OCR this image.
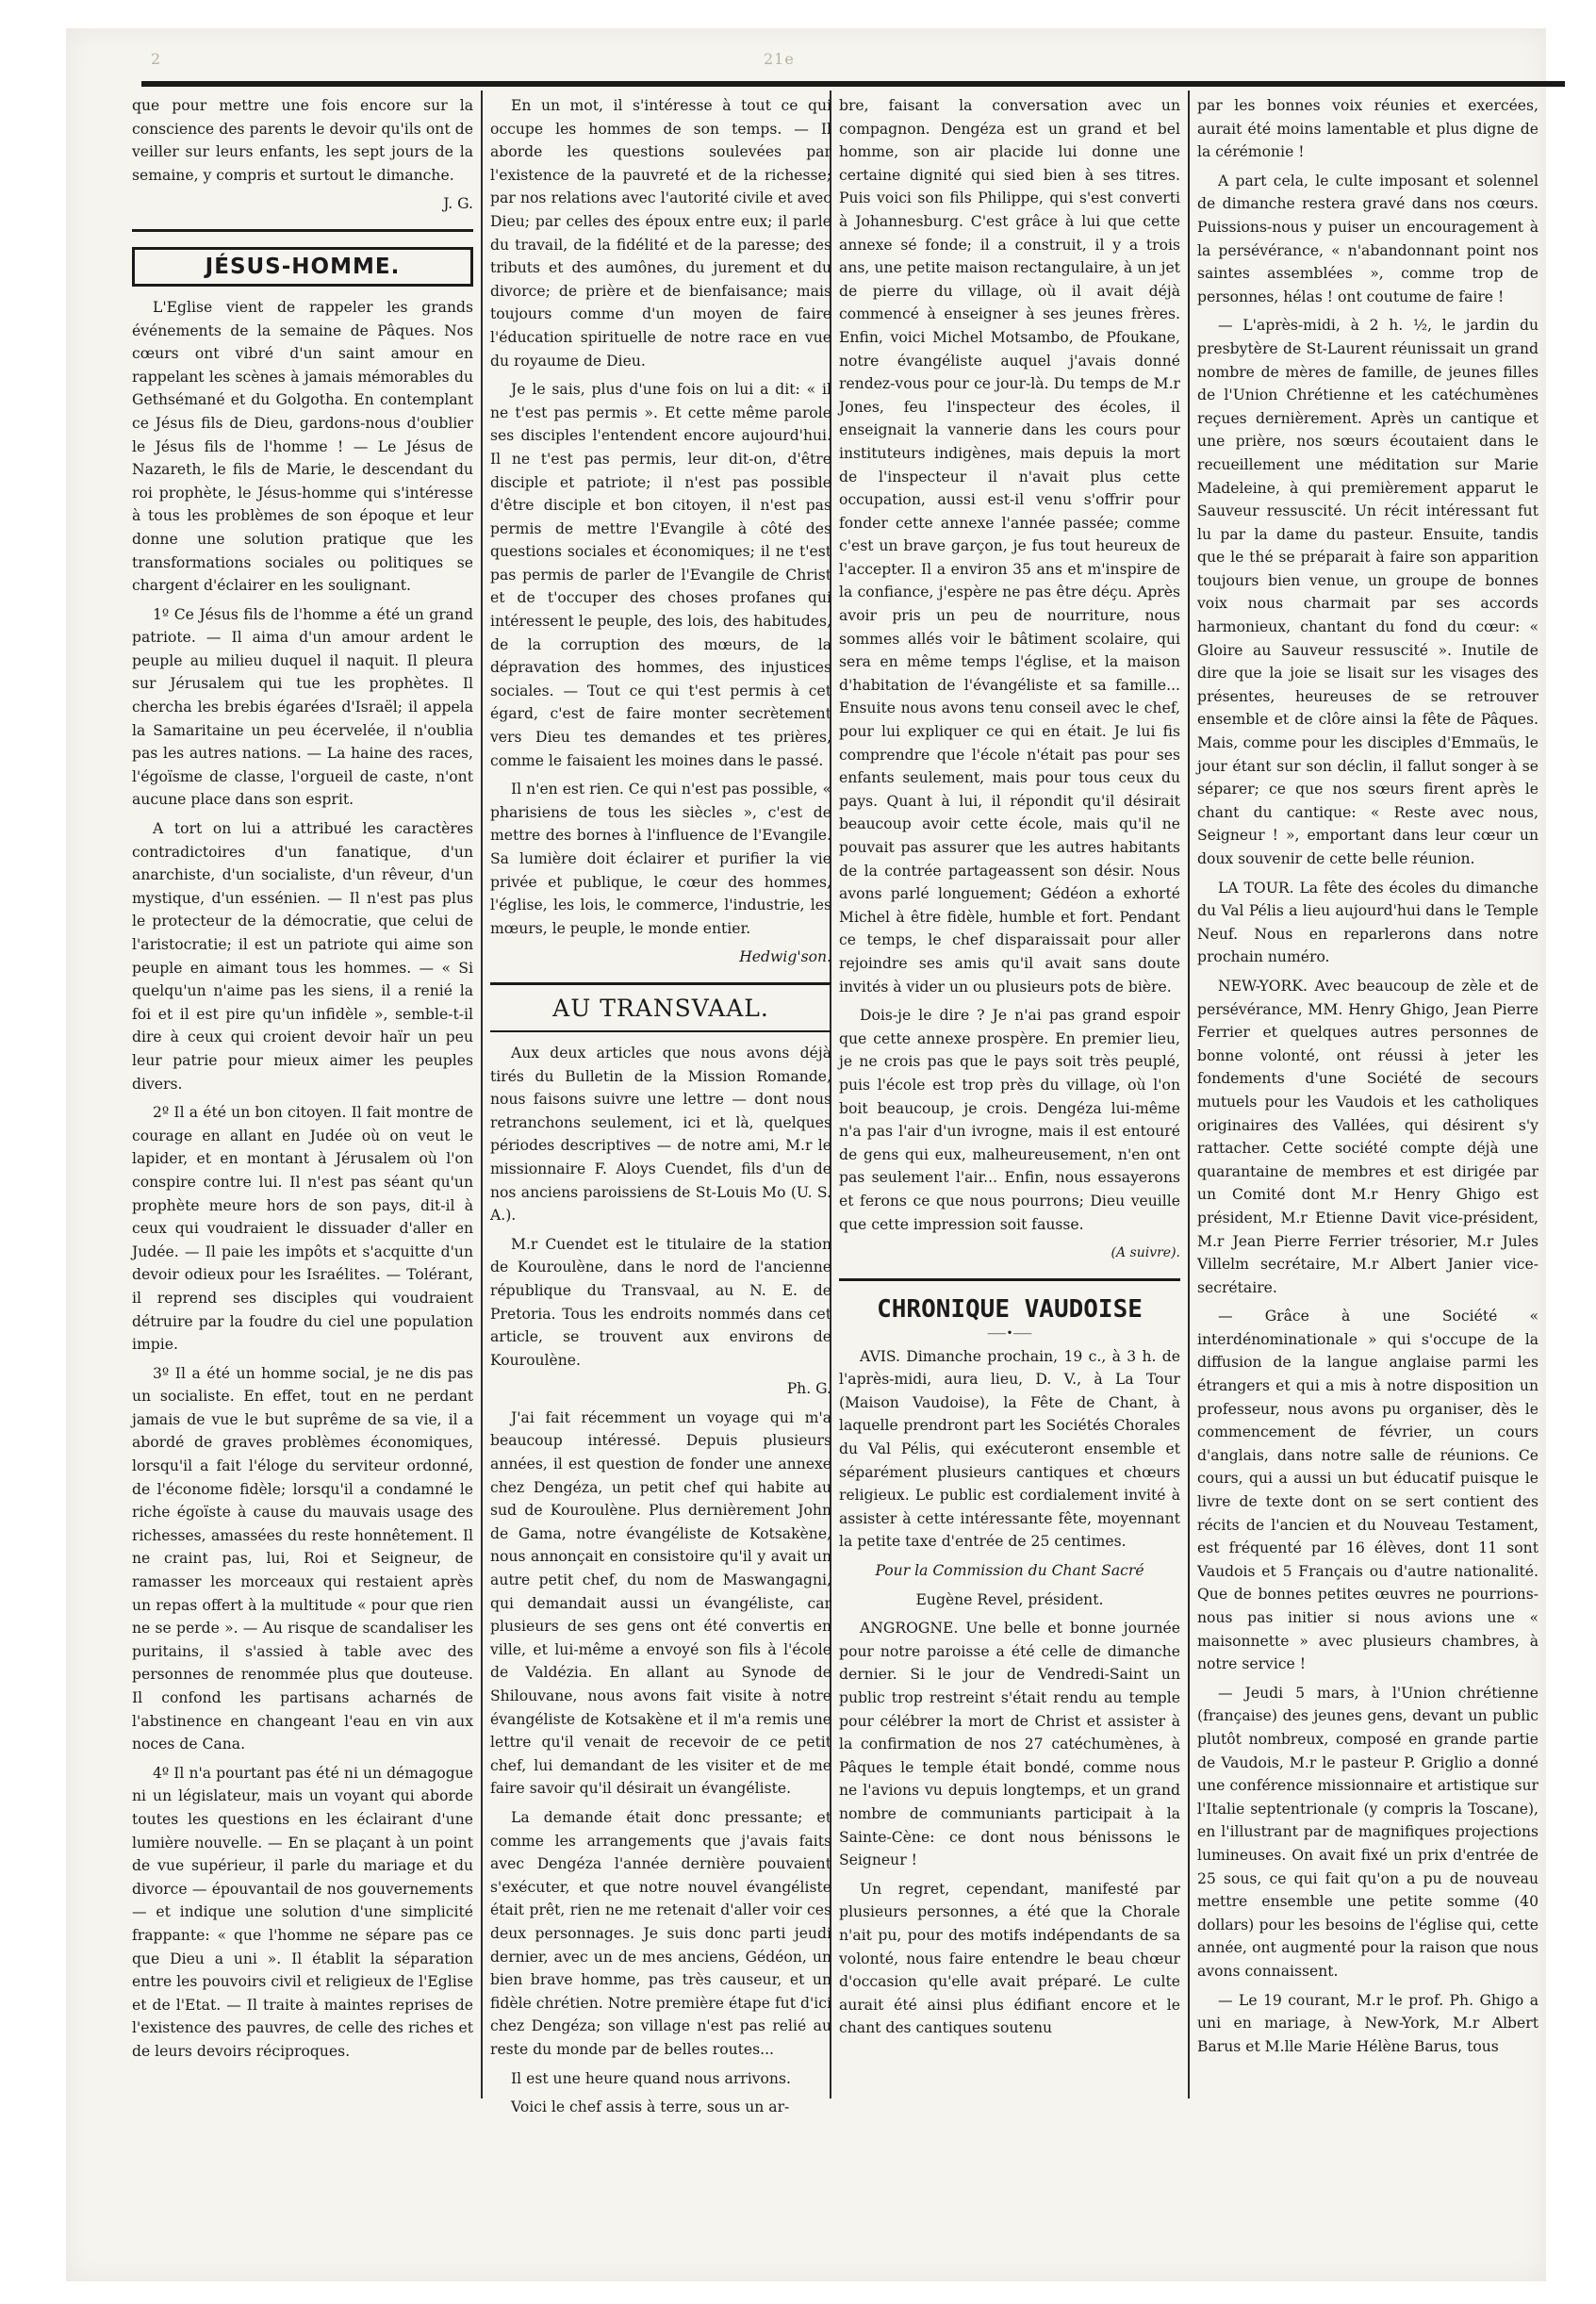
2	21e

que pour mettre une fois encore sur la conscience des parents le devoir qu'ils ont de veiller sur leurs enfants, les sept jours de la semaine, y compris et surtout le dimanche.

J. G.

JÉSUS-HOMME.

L'Eglise vient de rappeler les grands événements de la semaine de Pâques. Nos cœurs ont vibré d'un saint amour en rappelant les scènes à jamais mémorables du Gethsémané et du Golgotha. En contemplant ce Jésus fils de Dieu, gardons-nous d'oublier le Jésus fils de l'homme ! — Le Jésus de Nazareth, le fils de Marie, le descendant du roi prophète, le Jésus-homme qui s'intéresse à tous les problèmes de son époque et leur donne une solution pratique que les transformations sociales ou politiques se chargent d'éclairer en les soulignant.

1º Ce Jésus fils de l'homme a été un grand patriote. — Il aima d'un amour ardent le peuple au milieu duquel il naquit. Il pleura sur Jérusalem qui tue les prophètes. Il chercha les brebis égarées d'Israël; il appela la Samaritaine un peu écervelée, il n'oublia pas les autres nations. — La haine des races, l'égoïsme de classe, l'orgueil de caste, n'ont aucune place dans son esprit.

A tort on lui a attribué les caractères contradictoires d'un fanatique, d'un anarchiste, d'un socialiste, d'un rêveur, d'un mystique, d'un essénien. — Il n'est pas plus le protecteur de la démocratie, que celui de l'aristocratie; il est un patriote qui aime son peuple en aimant tous les hommes. — « Si quelqu'un n'aime pas les siens, il a renié la foi et il est pire qu'un infidèle », semble-t-il dire à ceux qui croient devoir haïr un peu leur patrie pour mieux aimer les peuples divers.

2º Il a été un bon citoyen. Il fait montre de courage en allant en Judée où on veut le lapider, et en montant à Jérusalem où l'on conspire contre lui. Il n'est pas séant qu'un prophète meure hors de son pays, dit-il à ceux qui voudraient le dissuader d'aller en Judée. — Il paie les impôts et s'acquitte d'un devoir odieux pour les Israélites. — Tolérant, il reprend ses disciples qui voudraient détruire par la foudre du ciel une population impie.

3º Il a été un homme social, je ne dis pas un socialiste. En effet, tout en ne perdant jamais de vue le but suprême de sa vie, il a abordé de graves problèmes économiques, lorsqu'il a fait l'éloge du serviteur ordonné, de l'économe fidèle; lorsqu'il a condamné le riche égoïste à cause du mauvais usage des richesses, amassées du reste honnêtement. Il ne craint pas, lui, Roi et Seigneur, de ramasser les morceaux qui restaient après un repas offert à la multitude « pour que rien ne se perde ». — Au risque de scandaliser les puritains, il s'assied à table avec des personnes de renommée plus que douteuse. Il confond les partisans acharnés de l'abstinence en changeant l'eau en vin aux noces de Cana.

4º Il n'a pourtant pas été ni un démagogue ni un législateur, mais un voyant qui aborde toutes les questions en les éclairant d'une lumière nouvelle. — En se plaçant à un point de vue supérieur, il parle du mariage et du divorce — épouvantail de nos gouvernements — et indique une solution d'une simplicité frappante: « que l'homme ne sépare pas ce que Dieu a uni ». Il établit la séparation entre les pouvoirs civil et religieux de l'Eglise et de l'Etat. — Il traite à maintes reprises de l'existence des pauvres, de celle des riches et de leurs devoirs réciproques.

En un mot, il s'intéresse à tout ce qui occupe les hommes de son temps. — Il aborde les questions soulevées par l'existence de la pauvreté et de la richesse; par nos relations avec l'autorité civile et avec Dieu; par celles des époux entre eux; il parle du travail, de la fidélité et de la paresse; des tributs et des aumônes, du jurement et du divorce; de prière et de bienfaisance; mais toujours comme d'un moyen de faire l'éducation spirituelle de notre race en vue du royaume de Dieu.

Je le sais, plus d'une fois on lui a dit: « il ne t'est pas permis ». Et cette même parole ses disciples l'entendent encore aujourd'hui. Il ne t'est pas permis, leur dit-on, d'être disciple et patriote; il n'est pas possible d'être disciple et bon citoyen, il n'est pas permis de mettre l'Evangile à côté des questions sociales et économiques; il ne t'est pas permis de parler de l'Evangile de Christ et de t'occuper des choses profanes qui intéressent le peuple, des lois, des habitudes, de la corruption des mœurs, de la dépravation des hommes, des injustices sociales. — Tout ce qui t'est permis à cet égard, c'est de faire monter secrètement vers Dieu tes demandes et tes prières, comme le faisaient les moines dans le passé.

Il n'en est rien. Ce qui n'est pas possible, « pharisiens de tous les siècles », c'est de mettre des bornes à l'influence de l'Evangile. Sa lumière doit éclairer et purifier la vie privée et publique, le cœur des hommes, l'église, les lois, le commerce, l'industrie, les mœurs, le peuple, le monde entier.

Hedwig'son.

AU TRANSVAAL.

Aux deux articles que nous avons déjà tirés du Bulletin de la Mission Romande, nous faisons suivre une lettre — dont nous retranchons seulement, ici et là, quelques périodes descriptives — de notre ami, M.r le missionnaire F. Aloys Cuendet, fils d'un de nos anciens paroissiens de St-Louis Mo (U. S. A.).

M.r Cuendet est le titulaire de la station de Kouroulène, dans le nord de l'ancienne république du Transvaal, au N. E. de Pretoria. Tous les endroits nommés dans cet article, se trouvent aux environs de Kouroulène.

Ph. G.

J'ai fait récemment un voyage qui m'a beaucoup intéressé. Depuis plusieurs années, il est question de fonder une annexe chez Dengéza, un petit chef qui habite au sud de Kouroulène. Plus dernièrement John de Gama, notre évangéliste de Kotsakène, nous annonçait en consistoire qu'il y avait un autre petit chef, du nom de Maswangagni, qui demandait aussi un évangéliste, car plusieurs de ses gens ont été convertis en ville, et lui-même a envoyé son fils à l'école de Valdézia. En allant au Synode de Shilouvane, nous avons fait visite à notre évangéliste de Kotsakène et il m'a remis une lettre qu'il venait de recevoir de ce petit chef, lui demandant de les visiter et de me faire savoir qu'il désirait un évangéliste.

La demande était donc pressante; et comme les arrangements que j'avais faits avec Dengéza l'année dernière pouvaient s'exécuter, et que notre nouvel évangéliste était prêt, rien ne me retenait d'aller voir ces deux personnages. Je suis donc parti jeudi dernier, avec un de mes anciens, Gédéon, un bien brave homme, pas très causeur, et un fidèle chrétien. Notre première étape fut d'ici chez Dengéza; son village n'est pas relié au reste du monde par de belles routes...

Il est une heure quand nous arrivons.

Voici le chef assis à terre, sous un ar-

bre, faisant la conversation avec un compagnon. Dengéza est un grand et bel homme, son air placide lui donne une certaine dignité qui sied bien à ses titres. Puis voici son fils Philippe, qui s'est converti à Johannesburg. C'est grâce à lui que cette annexe sé fonde; il a construit, il y a trois ans, une petite maison rectangulaire, à un jet de pierre du village, où il avait déjà commencé à enseigner à ses jeunes frères. Enfin, voici Michel Motsambo, de Pfoukane, notre évangéliste auquel j'avais donné rendez-vous pour ce jour-là. Du temps de M.r Jones, feu l'inspecteur des écoles, il enseignait la vannerie dans les cours pour instituteurs indigènes, mais depuis la mort de l'inspecteur il n'avait plus cette occupation, aussi est-il venu s'offrir pour fonder cette annexe l'année passée; comme c'est un brave garçon, je fus tout heureux de l'accepter. Il a environ 35 ans et m'inspire de la confiance, j'espère ne pas être déçu. Après avoir pris un peu de nourriture, nous sommes allés voir le bâtiment scolaire, qui sera en même temps l'église, et la maison d'habitation de l'évangéliste et sa famille... Ensuite nous avons tenu conseil avec le chef, pour lui expliquer ce qui en était. Je lui fis comprendre que l'école n'était pas pour ses enfants seulement, mais pour tous ceux du pays. Quant à lui, il répondit qu'il désirait beaucoup avoir cette école, mais qu'il ne pouvait pas assurer que les autres habitants de la contrée partageassent son désir. Nous avons parlé longuement; Gédéon a exhorté Michel à être fidèle, humble et fort. Pendant ce temps, le chef disparaissait pour aller rejoindre ses amis qu'il avait sans doute invités à vider un ou plusieurs pots de bière.

Dois-je le dire ? Je n'ai pas grand espoir que cette annexe prospère. En premier lieu, je ne crois pas que le pays soit très peuplé, puis l'école est trop près du village, où l'on boit beaucoup, je crois. Dengéza lui-même n'a pas l'air d'un ivrogne, mais il est entouré de gens qui eux, malheureusement, n'en ont pas seulement l'air... Enfin, nous essayerons et ferons ce que nous pourrons; Dieu veuille que cette impression soit fausse.

(A suivre).

CHRONIQUE VAUDOISE
⸺•⸺

AVIS. Dimanche prochain, 19 c., à 3 h. de l'après-midi, aura lieu, D. V., à La Tour (Maison Vaudoise), la Fête de Chant, à laquelle prendront part les Sociétés Chorales du Val Pélis, qui exécuteront ensemble et séparément plusieurs cantiques et chœurs religieux. Le public est cordialement invité à assister à cette intéressante fête, moyennant la petite taxe d'entrée de 25 centimes.

Pour la Commission du Chant Sacré

Eugène Revel, président.

ANGROGNE. Une belle et bonne journée pour notre paroisse a été celle de dimanche dernier. Si le jour de Vendredi-Saint un public trop restreint s'était rendu au temple pour célébrer la mort de Christ et assister à la confirmation de nos 27 catéchumènes, à Pâques le temple était bondé, comme nous ne l'avions vu depuis longtemps, et un grand nombre de communiants participait à la Sainte-Cène: ce dont nous bénissons le Seigneur !

Un regret, cependant, manifesté par plusieurs personnes, a été que la Chorale n'ait pu, pour des motifs indépendants de sa volonté, nous faire entendre le beau chœur d'occasion qu'elle avait préparé. Le culte aurait été ainsi plus édifiant encore et le chant des cantiques soutenu

par les bonnes voix réunies et exercées, aurait été moins lamentable et plus digne de la cérémonie !

A part cela, le culte imposant et solennel de dimanche restera gravé dans nos cœurs. Puissions-nous y puiser un encouragement à la persévérance, « n'abandonnant point nos saintes assemblées », comme trop de personnes, hélas ! ont coutume de faire !

— L'après-midi, à 2 h. ½, le jardin du presbytère de St-Laurent réunissait un grand nombre de mères de famille, de jeunes filles de l'Union Chrétienne et les catéchumènes reçues dernièrement. Après un cantique et une prière, nos sœurs écoutaient dans le recueillement une méditation sur Marie Madeleine, à qui premièrement apparut le Sauveur ressuscité. Un récit intéressant fut lu par la dame du pasteur. Ensuite, tandis que le thé se préparait à faire son apparition toujours bien venue, un groupe de bonnes voix nous charmait par ses accords harmonieux, chantant du fond du cœur: « Gloire au Sauveur ressuscité ». Inutile de dire que la joie se lisait sur les visages des présentes, heureuses de se retrouver ensemble et de clôre ainsi la fête de Pâques. Mais, comme pour les disciples d'Emmaüs, le jour étant sur son déclin, il fallut songer à se séparer; ce que nos sœurs firent après le chant du cantique: « Reste avec nous, Seigneur ! », emportant dans leur cœur un doux souvenir de cette belle réunion.

LA TOUR. La fête des écoles du dimanche du Val Pélis a lieu aujourd'hui dans le Temple Neuf. Nous en reparlerons dans notre prochain numéro.

NEW-YORK. Avec beaucoup de zèle et de persévérance, MM. Henry Ghigo, Jean Pierre Ferrier et quelques autres personnes de bonne volonté, ont réussi à jeter les fondements d'une Société de secours mutuels pour les Vaudois et les catholiques originaires des Vallées, qui désirent s'y rattacher. Cette société compte déjà une quarantaine de membres et est dirigée par un Comité dont M.r Henry Ghigo est président, M.r Etienne Davit vice-président, M.r Jean Pierre Ferrier trésorier, M.r Jules Villelm secrétaire, M.r Albert Janier vice-secrétaire.

— Grâce à une Société « interdénominationale » qui s'occupe de la diffusion de la langue anglaise parmi les étrangers et qui a mis à notre disposition un professeur, nous avons pu organiser, dès le commencement de février, un cours d'anglais, dans notre salle de réunions. Ce cours, qui a aussi un but éducatif puisque le livre de texte dont on se sert contient des récits de l'ancien et du Nouveau Testament, est fréquenté par 16 élèves, dont 11 sont Vaudois et 5 Français ou d'autre nationalité. Que de bonnes petites œuvres ne pourrions-nous pas initier si nous avions une « maisonnette » avec plusieurs chambres, à notre service !

— Jeudi 5 mars, à l'Union chrétienne (française) des jeunes gens, devant un public plutôt nombreux, composé en grande partie de Vaudois, M.r le pasteur P. Griglio a donné une conférence missionnaire et artistique sur l'Italie septentrionale (y compris la Toscane), en l'illustrant par de magnifiques projections lumineuses. On avait fixé un prix d'entrée de 25 sous, ce qui fait qu'on a pu de nouveau mettre ensemble une petite somme (40 dollars) pour les besoins de l'église qui, cette année, ont augmenté pour la raison que nous avons connaissent.

— Le 19 courant, M.r le prof. Ph. Ghigo a uni en mariage, à New-York, M.r Albert Barus et M.lle Marie Hélène Barus, tous
